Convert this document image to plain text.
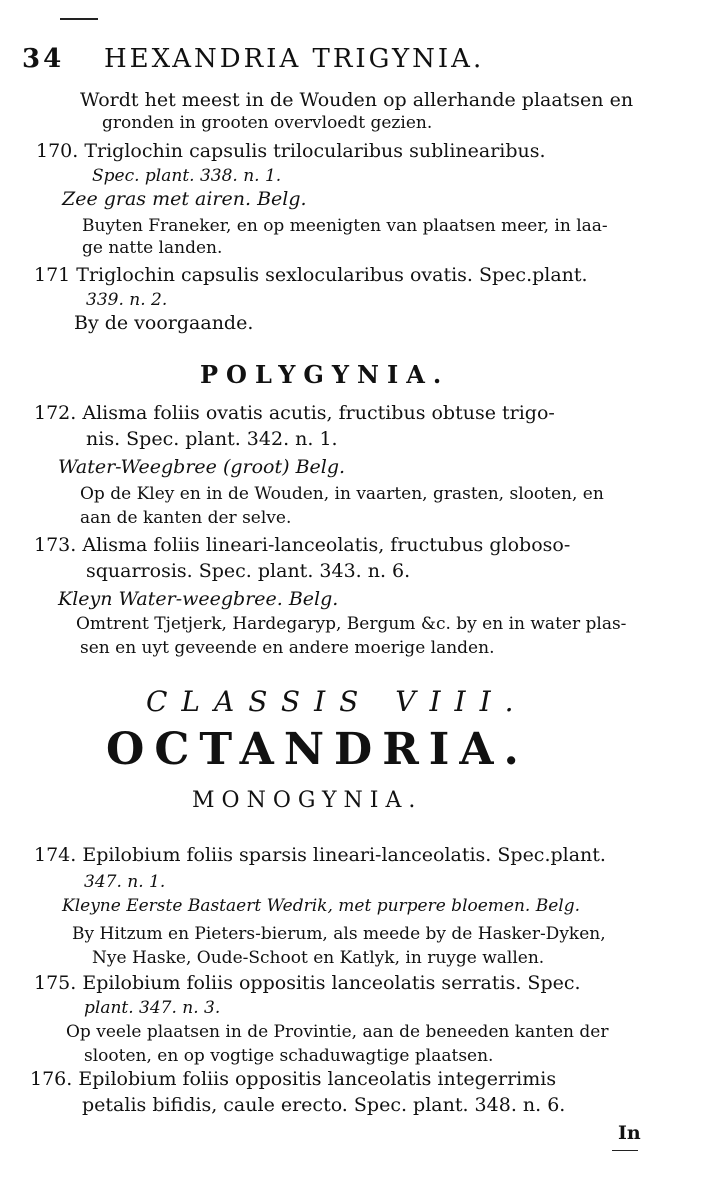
34 HEXANDRIA TRIGYNIA.
Wordt het meest in de Wouden op allerhande plaatsen en
gronden in grooten overvloedt gezien.
170. Triglochin capsulis trilocularibus sublinearibus.
Spec. plant. 338. n. 1.
Zee gras met airen. Belg.
Buyten Franeker, en op meenigten van plaatsen meer, in laa-
ge natte landen.
171 Triglochin capsulis sexlocularibus ovatis. Spec.plant.
339. n. 2.
By de voorgaande.
POLYGYNIA.
172. Alisma foliis ovatis acutis, fructibus obtuse trigo-
nis. Spec. plant. 342. n. 1.
Water-Weegbree (groot) Belg.
Op de Kley en in de Wouden, in vaarten, grasten, slooten, en
aan de kanten der selve.
173. Alisma foliis lineari-lanceolatis, fructubus globoso-
squarrosis. Spec. plant. 343. n. 6.
Kleyn Water-weegbree. Belg.
Omtrent Tjetjerk, Hardegaryp, Bergum &c. by en in water plas-
sen en uyt geveende en andere moerige landen.
CLASSIS VIII.
OCTANDRIA.
MONOGYNIA.
174. Epilobium foliis sparsis lineari-lanceolatis. Spec.plant.
347. n. 1.
Kleyne Eerste Bastaert Wedrik, met purpere bloemen. Belg.
By Hitzum en Pieters-bierum, als meede by de Hasker-Dyken,
Nye Haske, Oude-Schoot en Katlyk, in ruyge wallen.
175. Epilobium foliis oppositis lanceolatis serratis. Spec.
plant. 347. n. 3.
Op veele plaatsen in de Provintie, aan de beneeden kanten der
slooten, en op vogtige schaduwagtige plaatsen.
176. Epilobium foliis oppositis lanceolatis integerrimis
petalis bifidis, caule erecto. Spec. plant. 348. n. 6.
In
